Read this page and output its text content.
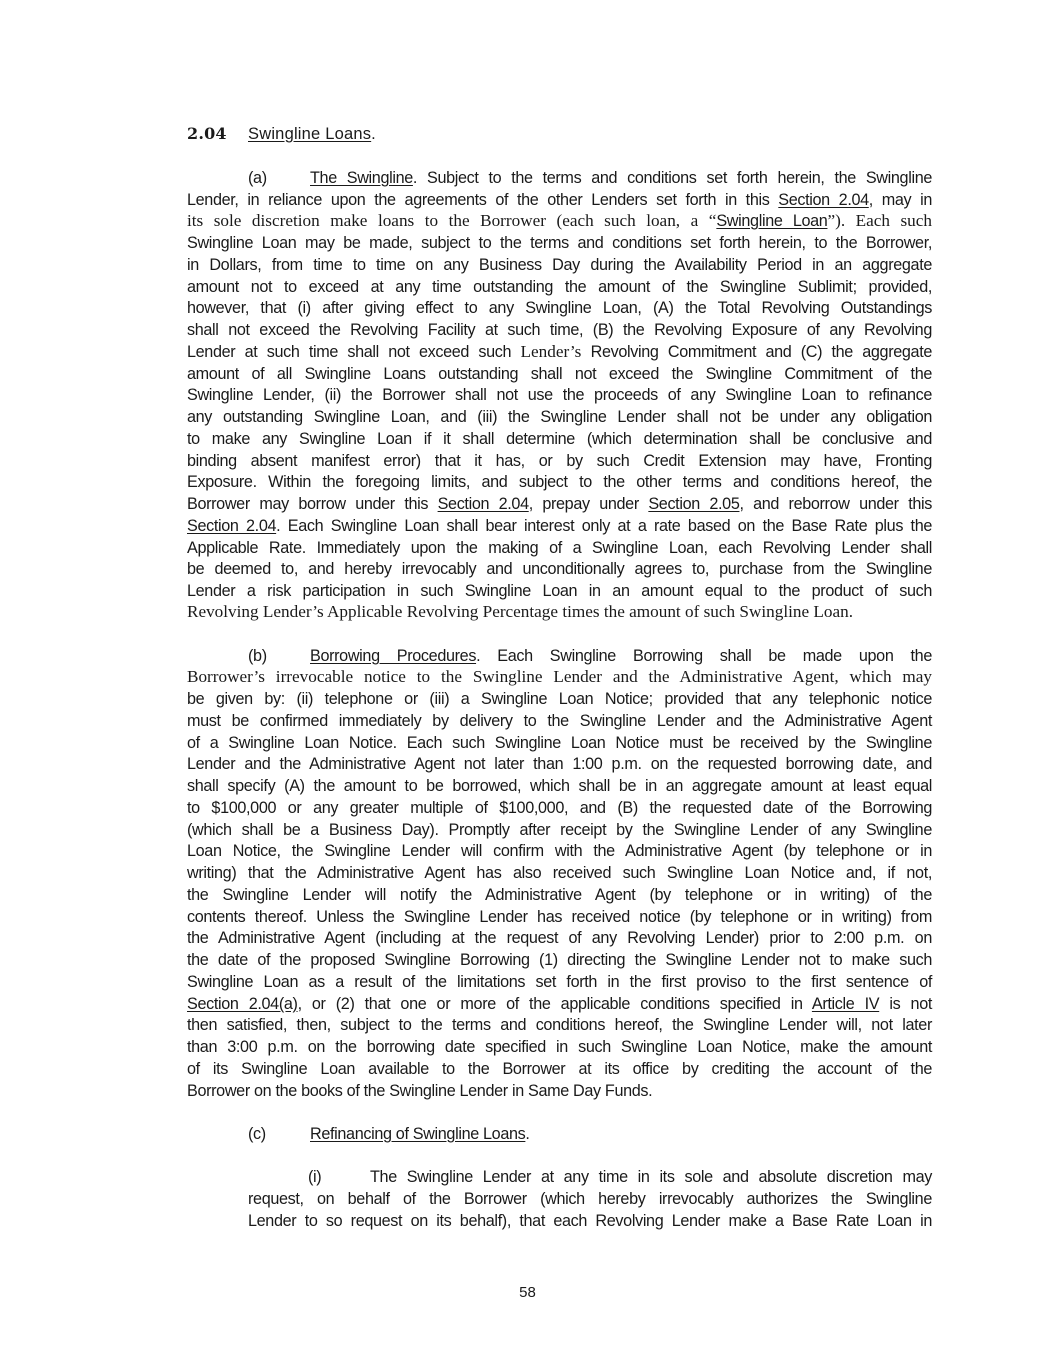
2.04 Swingline Loans.
(a)	The Swingline. Subject to the terms and conditions set forth herein, the Swingline
Lender, in reliance upon the agreements of the other Lenders set forth in this Section 2.04, may in
its sole discretion make loans to the Borrower (each such loan, a “Swingline Loan”). Each such
Swingline Loan may be made, subject to the terms and conditions set forth herein, to the Borrower,
in Dollars, from time to time on any Business Day during the Availability Period in an aggregate
amount not to exceed at any time outstanding the amount of the Swingline Sublimit; provided,
however, that (i) after giving effect to any Swingline Loan, (A) the Total Revolving Outstandings
shall not exceed the Revolving Facility at such time, (B) the Revolving Exposure of any Revolving
Lender at such time shall not exceed such Lender’s Revolving Commitment and (C) the aggregate
amount of all Swingline Loans outstanding shall not exceed the Swingline Commitment of the
Swingline Lender, (ii) the Borrower shall not use the proceeds of any Swingline Loan to refinance
any outstanding Swingline Loan, and (iii) the Swingline Lender shall not be under any obligation
to make any Swingline Loan if it shall determine (which determination shall be conclusive and
binding absent manifest error) that it has, or by such Credit Extension may have, Fronting
Exposure. Within the foregoing limits, and subject to the other terms and conditions hereof, the
Borrower may borrow under this Section 2.04, prepay under Section 2.05, and reborrow under this
Section 2.04. Each Swingline Loan shall bear interest only at a rate based on the Base Rate plus the
Applicable Rate. Immediately upon the making of a Swingline Loan, each Revolving Lender shall
be deemed to, and hereby irrevocably and unconditionally agrees to, purchase from the Swingline
Lender a risk participation in such Swingline Loan in an amount equal to the product of such
Revolving Lender’s Applicable Revolving Percentage times the amount of such Swingline Loan.
(b)	Borrowing Procedures. Each Swingline Borrowing shall be made upon the
Borrower’s irrevocable notice to the Swingline Lender and the Administrative Agent, which may
be given by: (ii) telephone or (iii) a Swingline Loan Notice; provided that any telephonic notice
must be confirmed immediately by delivery to the Swingline Lender and the Administrative Agent
of a Swingline Loan Notice. Each such Swingline Loan Notice must be received by the Swingline
Lender and the Administrative Agent not later than 1:00 p.m. on the requested borrowing date, and
shall specify (A) the amount to be borrowed, which shall be in an aggregate amount at least equal
to $100,000 or any greater multiple of $100,000, and (B) the requested date of the Borrowing
(which shall be a Business Day). Promptly after receipt by the Swingline Lender of any Swingline
Loan Notice, the Swingline Lender will confirm with the Administrative Agent (by telephone or in
writing) that the Administrative Agent has also received such Swingline Loan Notice and, if not,
the Swingline Lender will notify the Administrative Agent (by telephone or in writing) of the
contents thereof. Unless the Swingline Lender has received notice (by telephone or in writing) from
the Administrative Agent (including at the request of any Revolving Lender) prior to 2:00 p.m. on
the date of the proposed Swingline Borrowing (1) directing the Swingline Lender not to make such
Swingline Loan as a result of the limitations set forth in the first proviso to the first sentence of
Section 2.04(a), or (2) that one or more of the applicable conditions specified in Article IV is not
then satisfied, then, subject to the terms and conditions hereof, the Swingline Lender will, not later
than 3:00 p.m. on the borrowing date specified in such Swingline Loan Notice, make the amount
of its Swingline Loan available to the Borrower at its office by crediting the account of the
Borrower on the books of the Swingline Lender in Same Day Funds.
(c)	Refinancing of Swingline Loans.
(i)	The Swingline Lender at any time in its sole and absolute discretion may
request, on behalf of the Borrower (which hereby irrevocably authorizes the Swingline
Lender to so request on its behalf), that each Revolving Lender make a Base Rate Loan in
58
